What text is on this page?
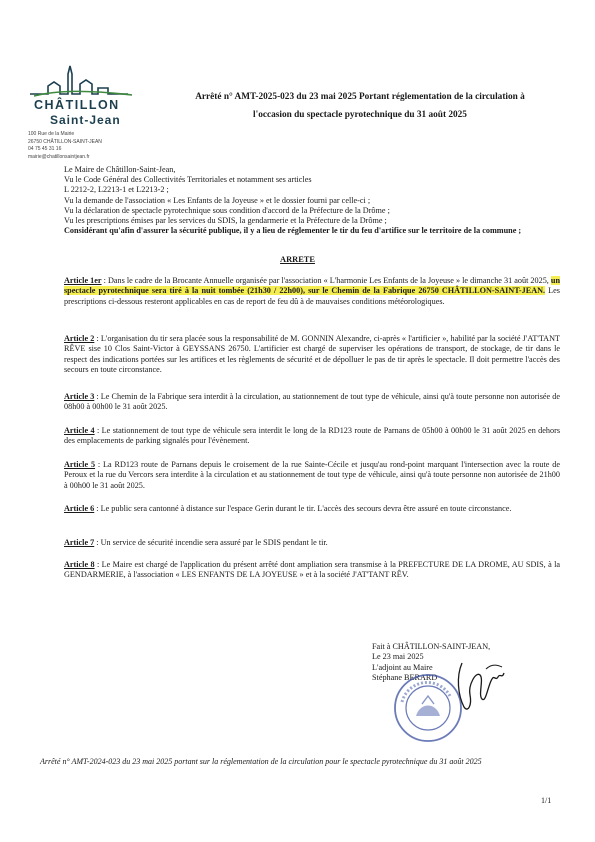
CHÂTILLON
Saint-Jean
100 Rue de la Mairie
26750 CHÂTILLON-SAINT-JEAN
04 75 45 31 16
mairie@chatillonsaintjean.fr
Arrêté n° AMT-2025-023 du 23 mai 2025 Portant réglementation de la circulation à
l'occasion du spectacle pyrotechnique du 31 août 2025
Le Maire de Châtillon-Saint-Jean,
Vu le Code Général des Collectivités Territoriales et notamment ses articles
L 2212-2, L2213-1 et L2213-2 ;
Vu la demande de l'association « Les Enfants de la Joyeuse » et le dossier fourni par celle-ci ;
Vu la déclaration de spectacle pyrotechnique sous condition d'accord de la Préfecture de la Drôme ;
Vu les prescriptions émises par les services du SDIS, la gendarmerie et la Préfecture de la Drôme ;
Considérant qu'afin d'assurer la sécurité publique, il y a lieu de réglementer le tir du feu d'artifice sur le territoire de la commune ;
ARRETE
Article 1er : Dans le cadre de la Brocante Annuelle organisée par l'association « L'harmonie Les Enfants de la Joyeuse » le dimanche 31 août 2025, un spectacle pyrotechnique sera tiré à la nuit tombée (21h30 / 22h00), sur le Chemin de la Fabrique 26750 CHÂTILLON-SAINT-JEAN. Les prescriptions ci-dessous resteront applicables en cas de report de feu dû à de mauvaises conditions météorologiques.
Article 2 : L'organisation du tir sera placée sous la responsabilité de M. GONNIN Alexandre, ci-après « l'artificier », habilité par la société J'AT'TANT RÊVE sise 10 Clos Saint-Victor à GEYSSANS 26750. L'artificier est chargé de superviser les opérations de transport, de stockage, de tir dans le respect des indications portées sur les artifices et les règlements de sécurité et de dépolluer le pas de tir après le spectacle. Il doit permettre l'accès des secours en toute circonstance.
Article 3 : Le Chemin de la Fabrique sera interdit à la circulation, au stationnement de tout type de véhicule, ainsi qu'à toute personne non autorisée de 08h00 à 00h00 le 31 août 2025.
Article 4 : Le stationnement de tout type de véhicule sera interdit le long de la RD123 route de Parnans de 05h00 à 00h00 le 31 août 2025 en dehors des emplacements de parking signalés pour l'évènement.
Article 5 : La RD123 route de Parnans depuis le croisement de la rue Sainte-Cécile et jusqu'au rond-point marquant l'intersection avec la route de Peroux et la rue du Vercors sera interdite à la circulation et au stationnement de tout type de véhicule, ainsi qu'à toute personne non autorisée de 21h00 à 00h00 le 31 août 2025.
Article 6 : Le public sera cantonné à distance sur l'espace Gerin durant le tir. L'accès des secours devra être assuré en toute circonstance.
Article 7 : Un service de sécurité incendie sera assuré par le SDIS pendant le tir.
Article 8 : Le Maire est chargé de l'application du présent arrêté dont ampliation sera transmise à la PREFECTURE DE LA DROME, AU SDIS, à la GENDARMERIE, à l'association « LES ENFANTS DE LA JOYEUSE » et à la société J'AT'TANT RÊV.
Fait à CHÂTILLON-SAINT-JEAN,
Le 23 mai 2025
L'adjoint au Maire
Stéphane BERARD
Arrêté n° AMT-2024-023 du 23 mai 2025 portant sur la réglementation de la circulation pour le spectacle pyrotechnique du 31 août 2025
1/1
